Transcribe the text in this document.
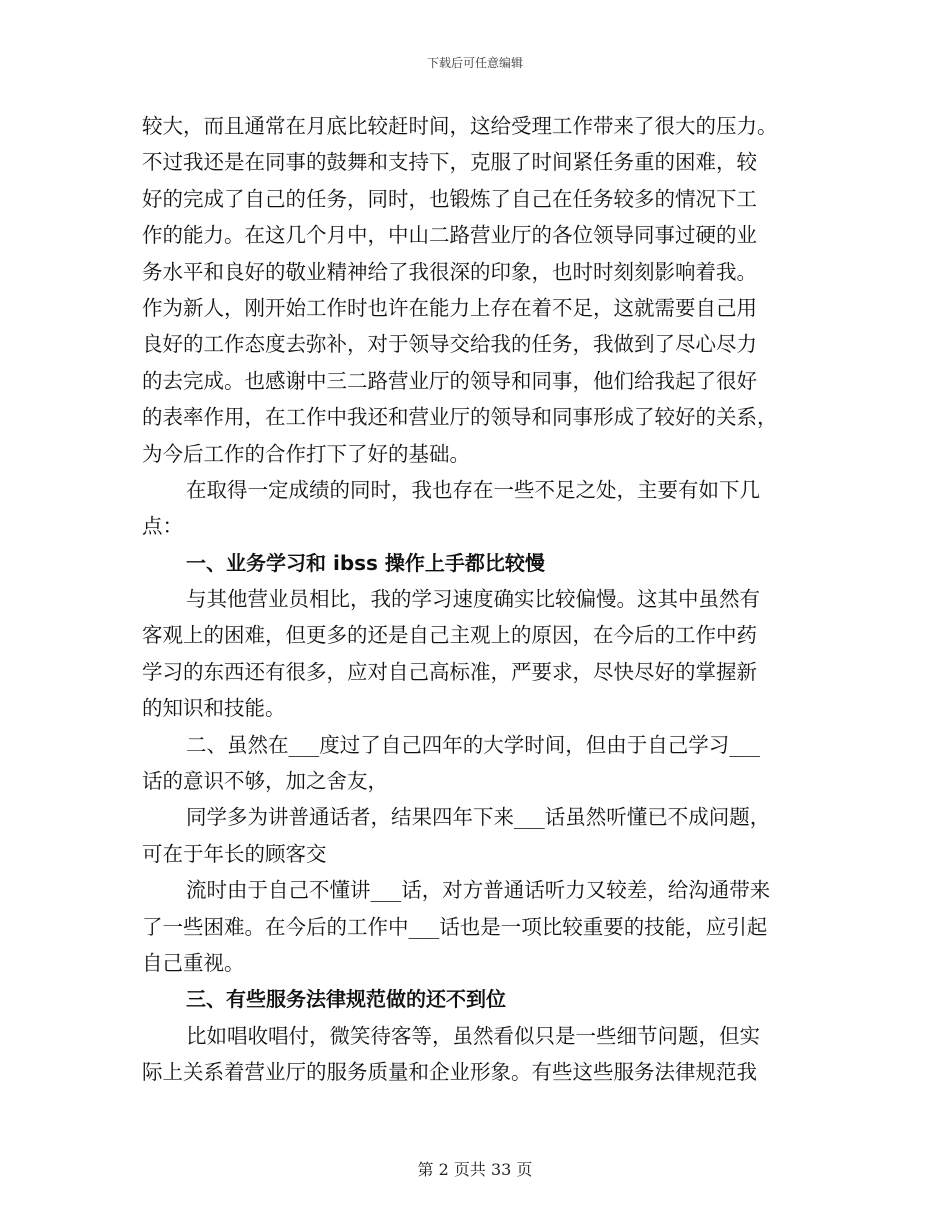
下载后可任意编辑
较大，而且通常在月底比较赶时间，这给受理工作带来了很大的压力。
不过我还是在同事的鼓舞和支持下，克服了时间紧任务重的困难，较
好的完成了自己的任务，同时，也锻炼了自己在任务较多的情况下工
作的能力。在这几个月中，中山二路营业厅的各位领导同事过硬的业
务水平和良好的敬业精神给了我很深的印象，也时时刻刻影响着我。
作为新人，刚开始工作时也许在能力上存在着不足，这就需要自己用
良好的工作态度去弥补，对于领导交给我的任务，我做到了尽心尽力
的去完成。也感谢中三二路营业厅的领导和同事，他们给我起了很好
的表率作用，在工作中我还和营业厅的领导和同事形成了较好的关系，
为今后工作的合作打下了好的基础。
在取得一定成绩的同时，我也存在一些不足之处，主要有如下几
点：
一、业务学习和 ibss 操作上手都比较慢
与其他营业员相比，我的学习速度确实比较偏慢。这其中虽然有
客观上的困难，但更多的还是自己主观上的原因，在今后的工作中药
学习的东西还有很多，应对自己高标准，严要求，尽快尽好的掌握新
的知识和技能。
二、虽然在___度过了自己四年的大学时间，但由于自己学习___
话的意识不够，加之舍友，
同学多为讲普通话者，结果四年下来___话虽然听懂已不成问题，
可在于年长的顾客交
流时由于自己不懂讲___话，对方普通话听力又较差，给沟通带来
了一些困难。在今后的工作中___话也是一项比较重要的技能，应引起
自己重视。
三、有些服务法律规范做的还不到位
比如唱收唱付，微笑待客等，虽然看似只是一些细节问题，但实
际上关系着营业厅的服务质量和企业形象。有些这些服务法律规范我
第 2 页共 33 页
